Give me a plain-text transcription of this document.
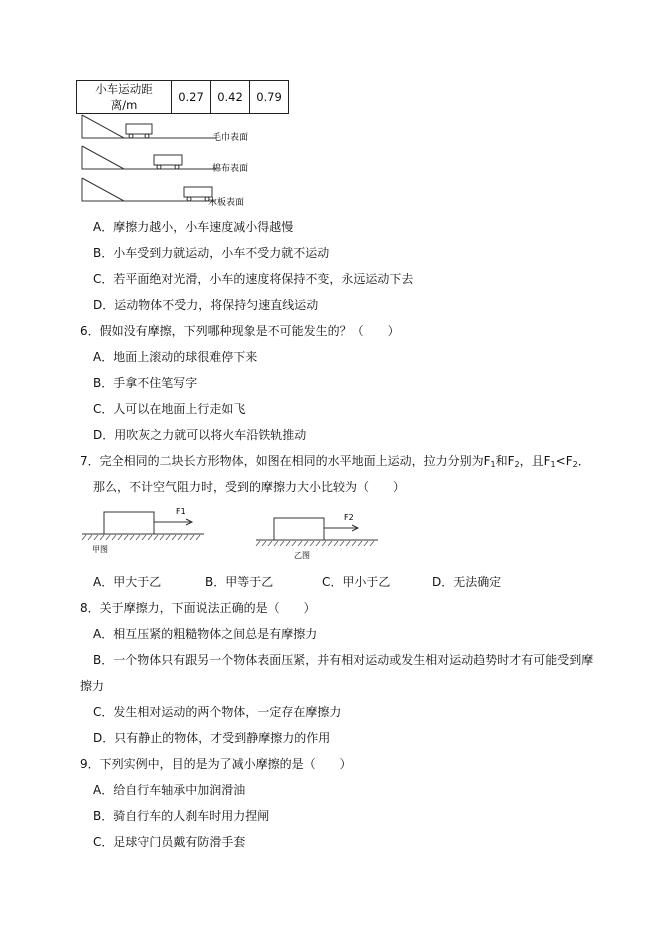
小车运动距离/m	0.27	0.42	0.79
毛巾表面
棉布表面
木板表面
A．摩擦力越小，小车速度减小得越慢
B．小车受到力就运动，小车不受力就不运动
C．若平面绝对光滑，小车的速度将保持不变，永远运动下去
D．运动物体不受力，将保持匀速直线运动
6．假如没有摩擦，下列哪种现象是不可能发生的？（　　）
A．地面上滚动的球很难停下来
B．手拿不住笔写字
C．人可以在地面上行走如飞
D．用吹灰之力就可以将火车沿铁轨推动
7．完全相同的二块长方形物体，如图在相同的水平地面上运动，拉力分别为$F_1$和$F_2$，且$F_1<F_2$．
那么，不计空气阻力时，受到的摩擦力大小比较为（　　）
F1
甲图
F2
乙图
A．甲大于乙	B．甲等于乙	C．甲小于乙	D．无法确定
8．关于摩擦力，下面说法正确的是（　　）
A．相互压紧的粗糙物体之间总是有摩擦力
B．一个物体只有跟另一个物体表面压紧，并有相对运动或发生相对运动趋势时才有可能受到摩
擦力
C．发生相对运动的两个物体，一定存在摩擦力
D．只有静止的物体，才受到静摩擦力的作用
9．下列实例中，目的是为了减小摩擦的是（　　）
A．给自行车轴承中加润滑油
B．骑自行车的人刹车时用力捏闸
C．足球守门员戴有防滑手套
